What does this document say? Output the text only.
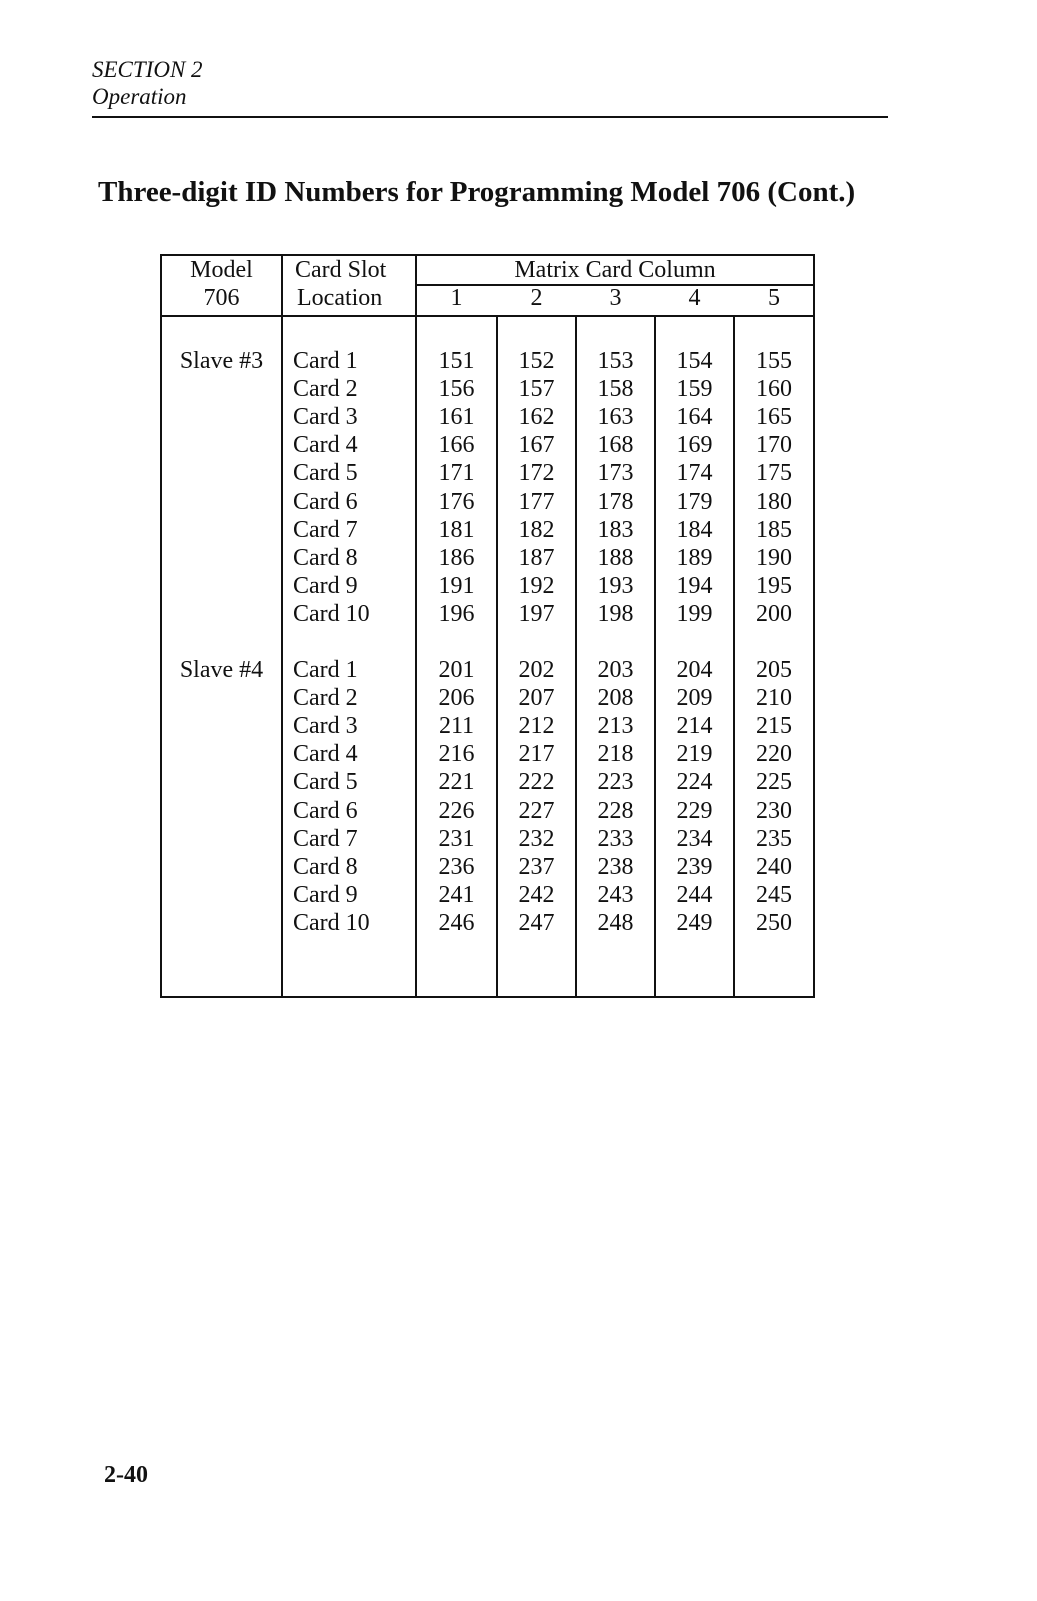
SECTION 2
Operation
Three-digit ID Numbers for Programming Model 706 (Cont.)
Model
706
Card Slot
Location
Matrix Card Column
1	2	3	4	5
Slave #3	Card 1	151	152	153	154	155
Card 2	156	157	158	159	160
Card 3	161	162	163	164	165
Card 4	166	167	168	169	170
Card 5	171	172	173	174	175
Card 6	176	177	178	179	180
Card 7	181	182	183	184	185
Card 8	186	187	188	189	190
Card 9	191	192	193	194	195
Card 10	196	197	198	199	200
Slave #4	Card 1	201	202	203	204	205
Card 2	206	207	208	209	210
Card 3	211	212	213	214	215
Card 4	216	217	218	219	220
Card 5	221	222	223	224	225
Card 6	226	227	228	229	230
Card 7	231	232	233	234	235
Card 8	236	237	238	239	240
Card 9	241	242	243	244	245
Card 10	246	247	248	249	250
2-40
